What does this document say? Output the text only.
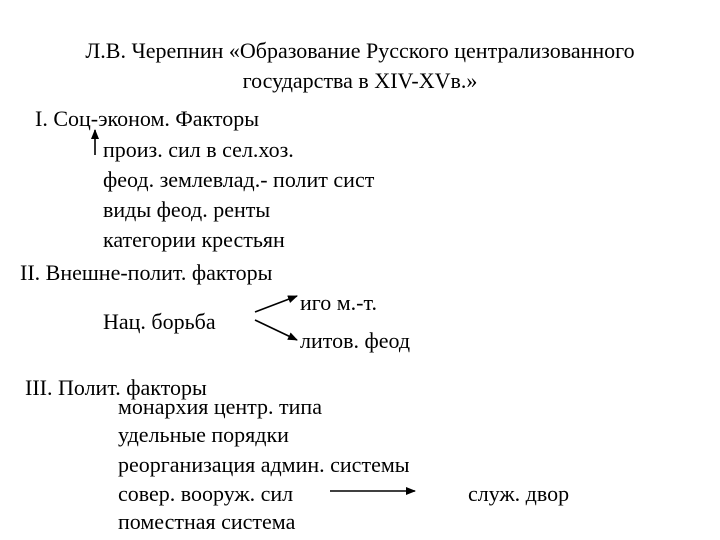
Л.В. Черепнин «Образование Русского централизованного
государства в XIV-XVв.»
I. Соц-эконом. Факторы
произ. сил в сел.хоз.
феод. землевлад.- полит сист
виды феод. ренты
категории крестьян
II. Внешне-полит. факторы
Нац. борьба
иго м.-т.
литов. феод
III. Полит. факторы
монархия центр. типа
удельные порядки
реорганизация админ. системы
совер. вооруж. сил
поместная система
служ. двор
